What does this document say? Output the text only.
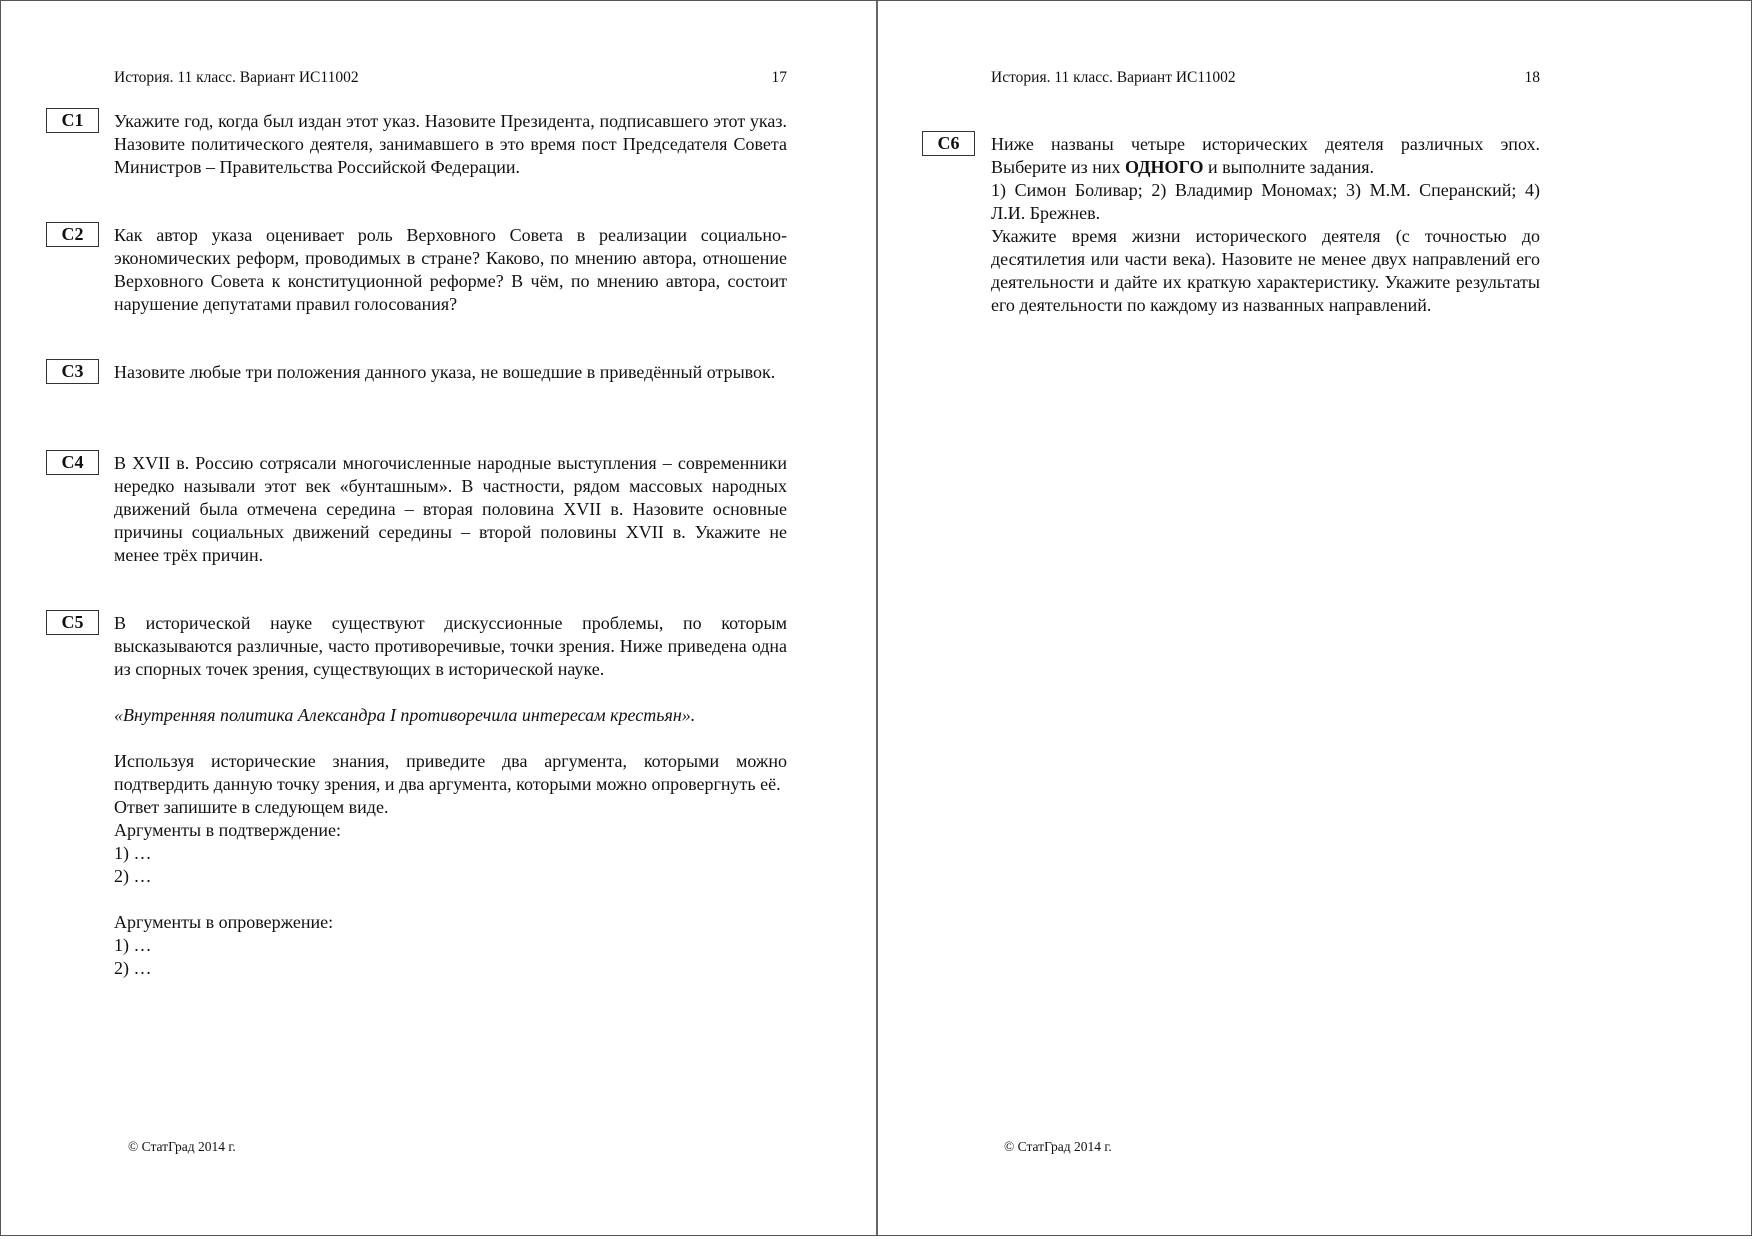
История. 11 класс. Вариант ИС11002	17
С1	Укажите год, когда был издан этот указ. Назовите Президента, подписавшего этот указ. Назовите политического деятеля, занимавшего в это время пост Председателя Совета Министров – Правительства Российской Федерации.

С2	Как автор указа оценивает роль Верховного Совета в реализации социально-экономических реформ, проводимых в стране? Каково, по мнению автора, отношение Верховного Совета к конституционной реформе? В чём, по мнению автора, состоит нарушение депутатами правил голосования?

С3	Назовите любые три положения данного указа, не вошедшие в приведённый отрывок.

С4	В XVII в. Россию сотрясали многочисленные народные выступления – современники нередко называли этот век «бунташным». В частности, рядом массовых народных движений была отмечена середина – вторая половина XVII в. Назовите основные причины социальных движений середины – второй половины XVII в. Укажите не менее трёх причин.

С5	В исторической науке существуют дискуссионные проблемы, по которым высказываются различные, часто противоречивые, точки зрения. Ниже приведена одна из спорных точек зрения, существующих в исторической науке.

«Внутренняя политика Александра I противоречила интересам крестьян».

Используя исторические знания, приведите два аргумента, которыми можно подтвердить данную точку зрения, и два аргумента, которыми можно опровергнуть её.

Ответ запишите в следующем виде.

Аргументы в подтверждение:

1) …

2) …

Аргументы в опровержение:

1) …

2) …

© СтатГрад 2014 г.
История. 11 класс. Вариант ИС11002	18
С6	Ниже названы четыре исторических деятеля различных эпох. Выберите из них ОДНОГО и выполните задания.

1) Симон Боливар; 2) Владимир Мономах; 3) М.М. Сперанский; 4) Л.И. Брежнев.

Укажите время жизни исторического деятеля (с точностью до десятилетия или части века). Назовите не менее двух направлений его деятельности и дайте их краткую характеристику. Укажите результаты его деятельности по каждому из названных направлений.

© СтатГрад 2014 г.
